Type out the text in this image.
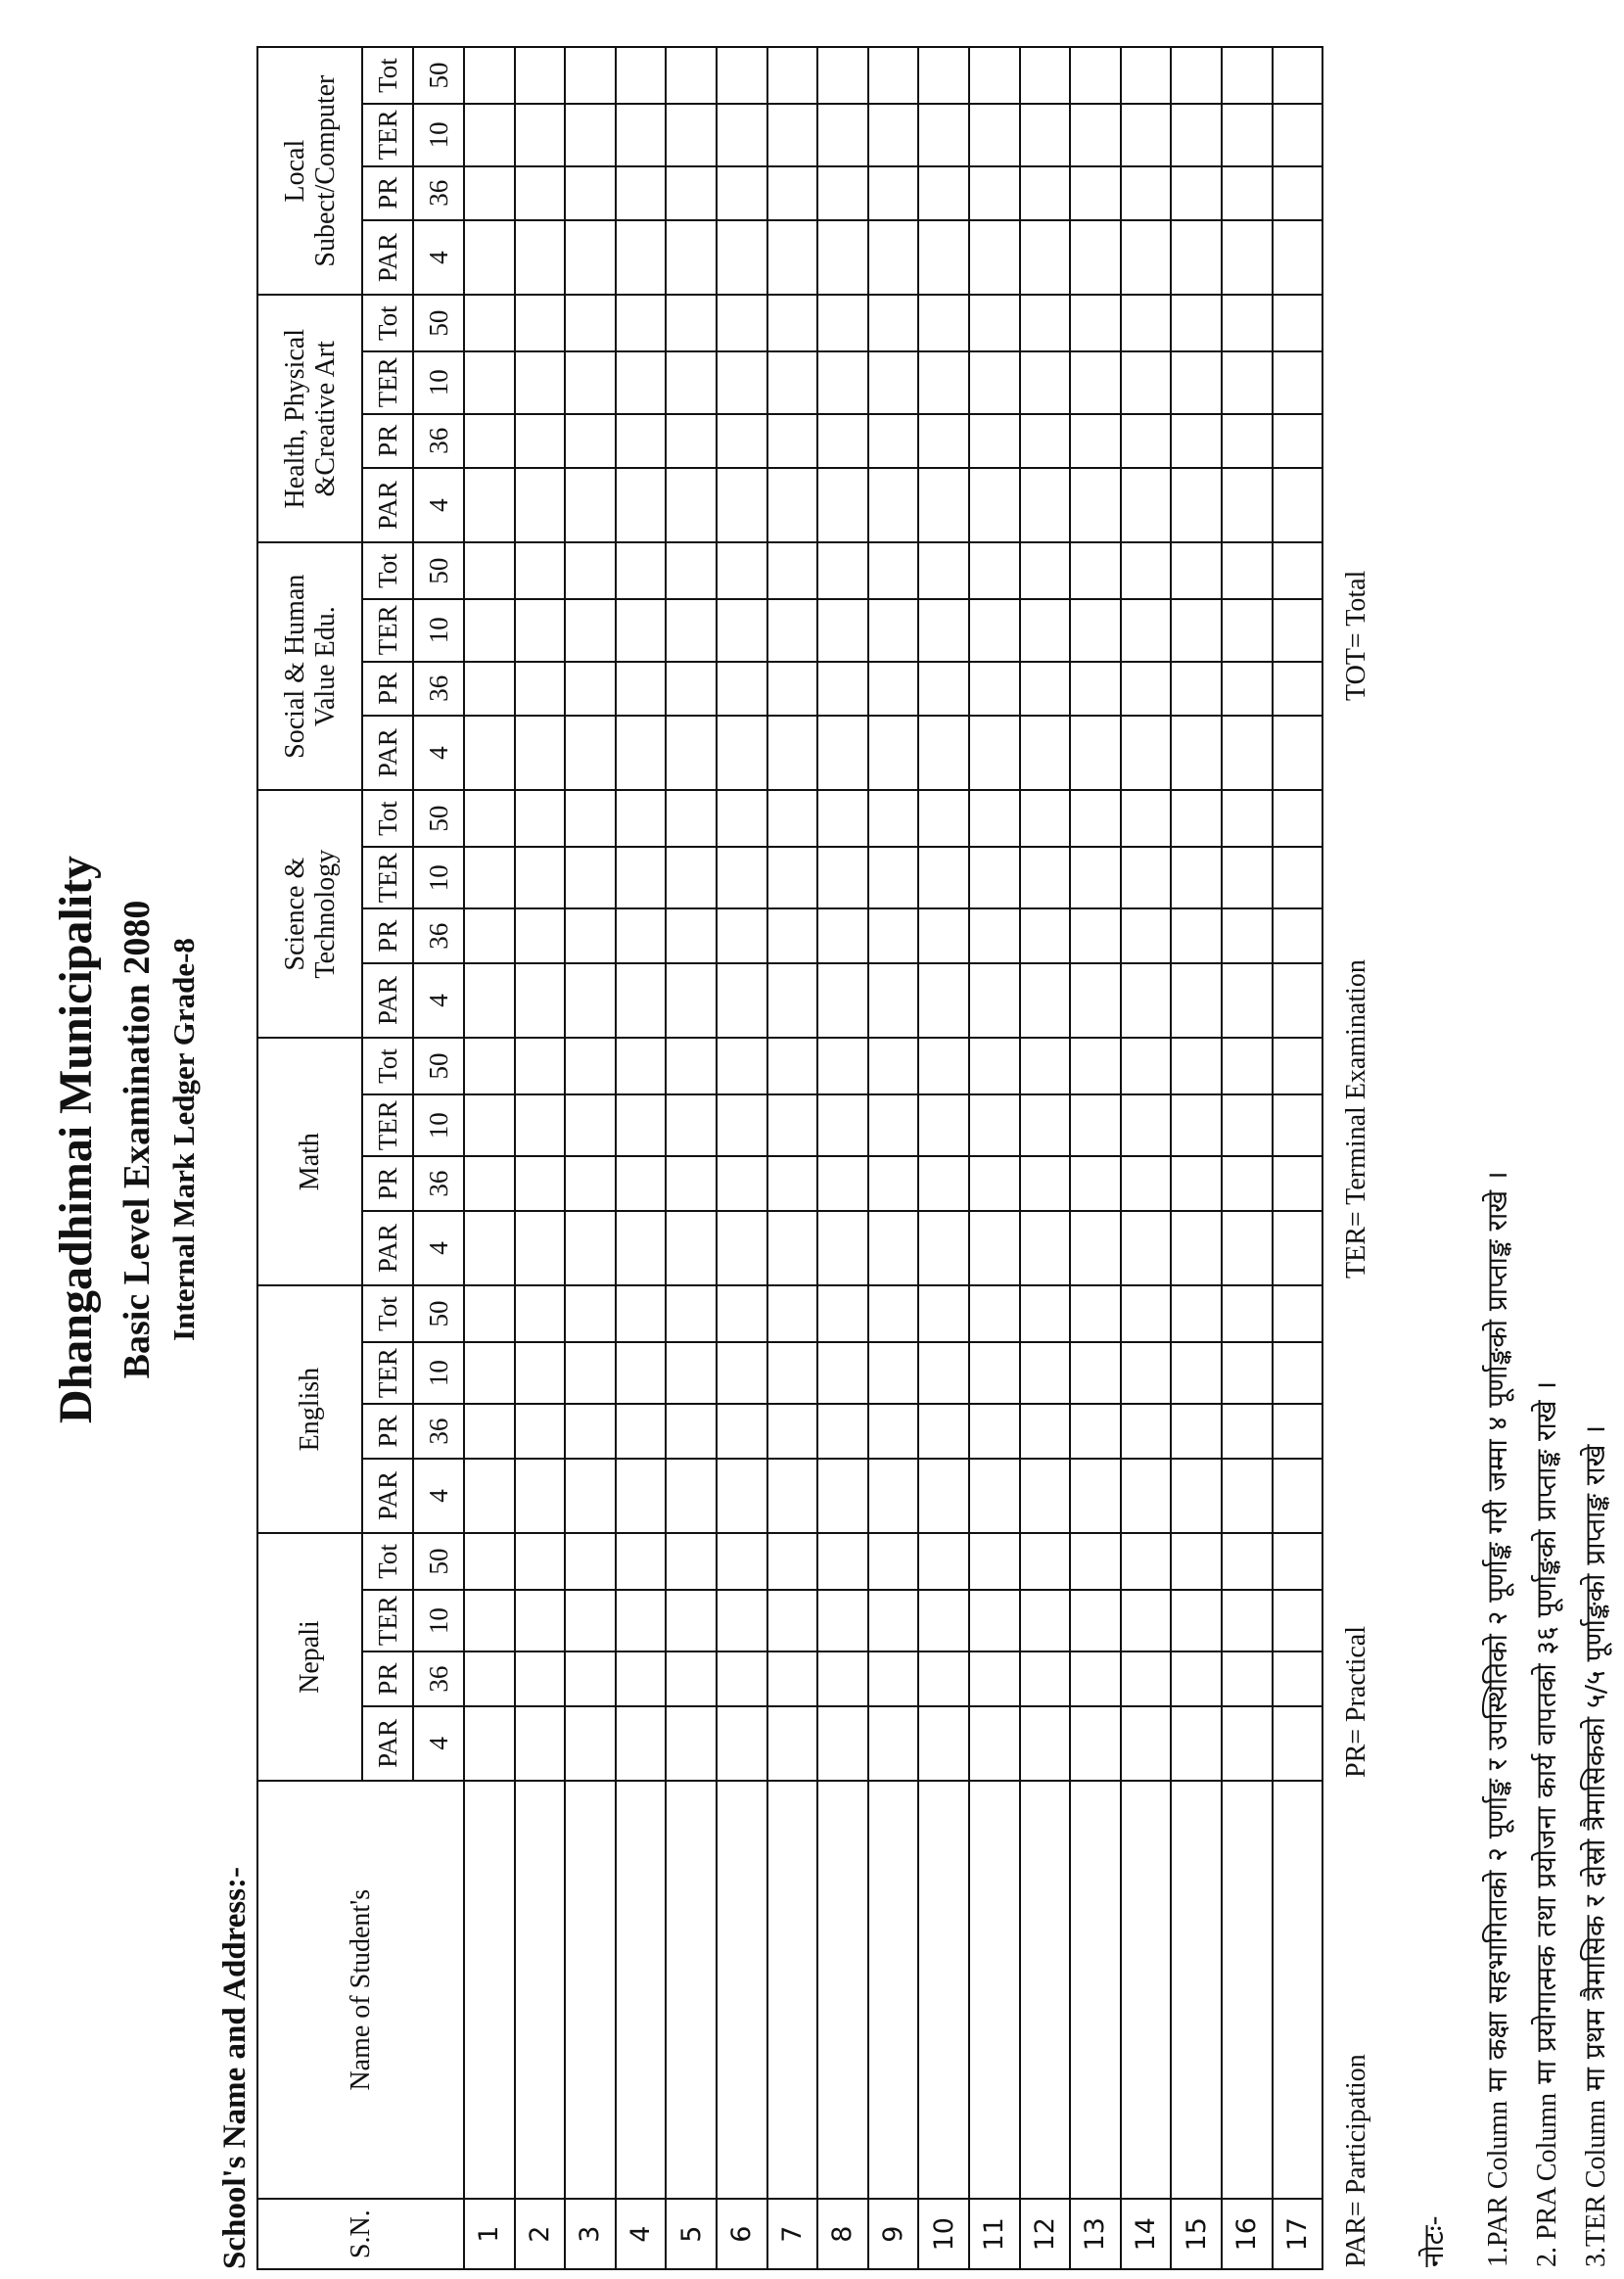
Dhangadhimai Municipality Basic Level Examination 2080 Internal Mark Ledger Grade-8
School's Name and Address:-	S.N.	Name of Student's	Nepali				English				Math				Science & Technology				Social & Human Value Edu.				Health, Physical &Creative Art				Local Subect/Computer			
		PAR	PR	TER	Tot	PAR	PR	TER	Tot	PAR	PR	TER	Tot	PAR	PR	TER	Tot	PAR	PR	TER	Tot	PAR	PR	TER	Tot	PAR	PR	TER	Tot
		4	36	10	50	4	36	10	50	4	36	10	50	4	36	10	50	4	36	10	50	4	36	10	50	4	36	10	50
1																													
2																													
3																													
4																													
5																													
6																													
7																													
8																													
9																													
10																													
11																													
12																													
13																													
14																													
15																													
16																													
17																													PAR= Participation
PR= Practical
TER= Terminal Examination
TOT= Total
नोटः- 1.PAR Column मा कक्षा सहभागिताको २ पूर्णाङ्क र उपस्थितिको २ पूर्णाङ्क गरी जम्मा ४ पूर्णाङ्कको प्राप्ताङ्क राखे ।
2. PRA Column मा प्रयोगात्मक तथा प्रयोजना कार्य वापतको ३६ पूर्णाङ्कको प्राप्ताङ्क राखे ।
3.TER Column मा प्रथम त्रैमासिक र दोस्रो त्रैमासिकको ५/५ पूर्णाङ्कको प्राप्ताङ्क राखे ।
